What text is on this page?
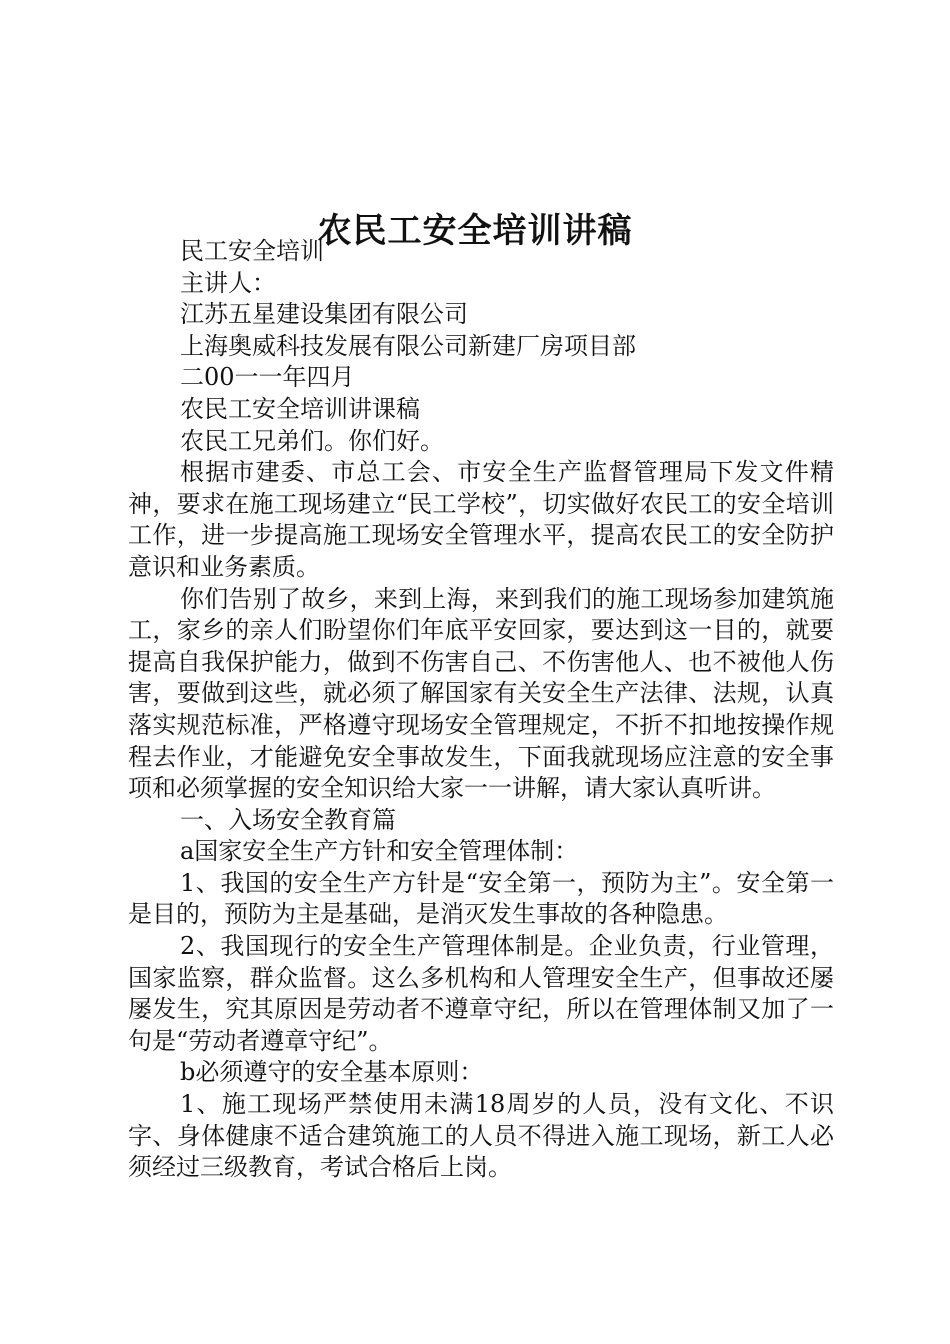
农民工安全培训讲稿

民工安全培训

主讲人：

江苏五星建设集团有限公司

上海奥威科技发展有限公司新建厂房项目部

二00一一年四月

农民工安全培训讲课稿

农民工兄弟们。你们好。

根据市建委、市总工会、市安全生产监督管理局下发文件精神，要求在施工现场建立“民工学校”，切实做好农民工的安全培训工作，进一步提高施工现场安全管理水平，提高农民工的安全防护意识和业务素质。

你们告别了故乡，来到上海，来到我们的施工现场参加建筑施工，家乡的亲人们盼望你们年底平安回家，要达到这一目的，就要提高自我保护能力，做到不伤害自己、不伤害他人、也不被他人伤害，要做到这些，就必须了解国家有关安全生产法律、法规，认真落实规范标准，严格遵守现场安全管理规定，不折不扣地按操作规程去作业，才能避免安全事故发生，下面我就现场应注意的安全事项和必须掌握的安全知识给大家一一讲解，请大家认真听讲。

一、入场安全教育篇

a国家安全生产方针和安全管理体制：

1、我国的安全生产方针是“安全第一，预防为主”。安全第一是目的，预防为主是基础，是消灭发生事故的各种隐患。

2、我国现行的安全生产管理体制是。企业负责，行业管理，国家监察，群众监督。这么多机构和人管理安全生产，但事故还屡屡发生，究其原因是劳动者不遵章守纪，所以在管理体制又加了一句是“劳动者遵章守纪”。

b必须遵守的安全基本原则：

1、施工现场严禁使用未满18周岁的人员，没有文化、不识字、身体健康不适合建筑施工的人员不得进入施工现场，新工人必须经过三级教育，考试合格后上岗。
